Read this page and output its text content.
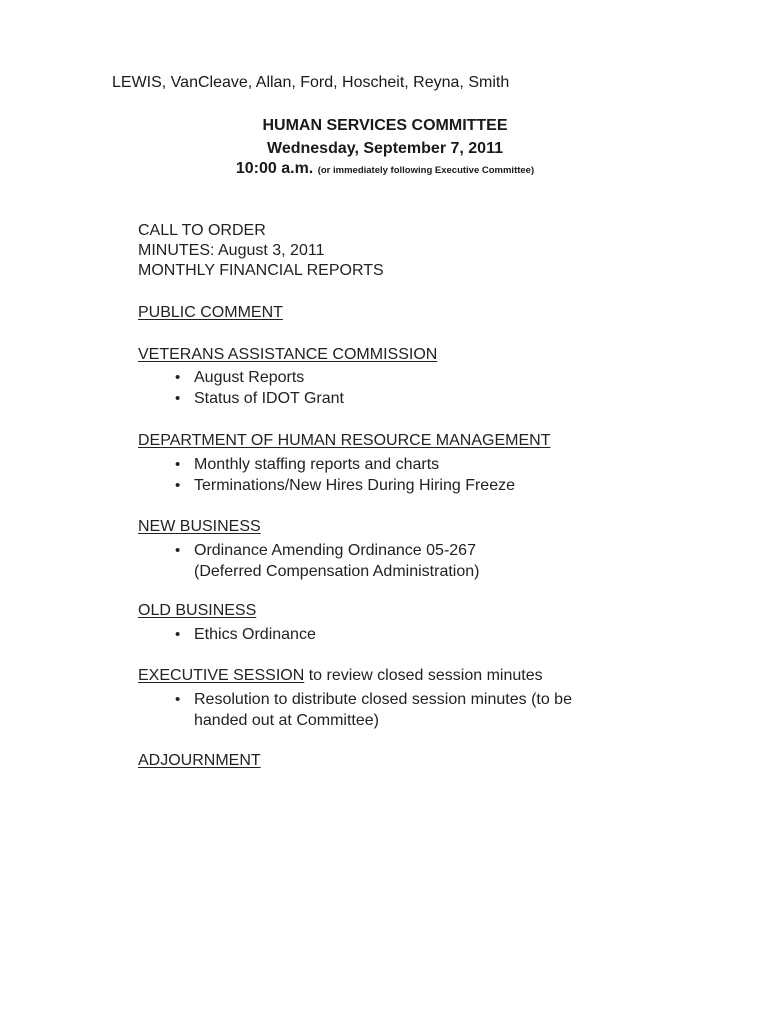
LEWIS, VanCleave, Allan, Ford, Hoscheit, Reyna, Smith
HUMAN SERVICES COMMITTEE
Wednesday, September 7, 2011
10:00 a.m. (or immediately following Executive Committee)
CALL TO ORDER
MINUTES: August 3, 2011
MONTHLY FINANCIAL REPORTS
PUBLIC COMMENT
VETERANS ASSISTANCE COMMISSION
• August Reports
• Status of IDOT Grant
DEPARTMENT OF HUMAN RESOURCE MANAGEMENT
• Monthly staffing reports and charts
• Terminations/New Hires During Hiring Freeze
NEW BUSINESS
• Ordinance Amending Ordinance 05-267
(Deferred Compensation Administration)
OLD BUSINESS
• Ethics Ordinance
EXECUTIVE SESSION to review closed session minutes
• Resolution to distribute closed session minutes (to be
handed out at Committee)
ADJOURNMENT
